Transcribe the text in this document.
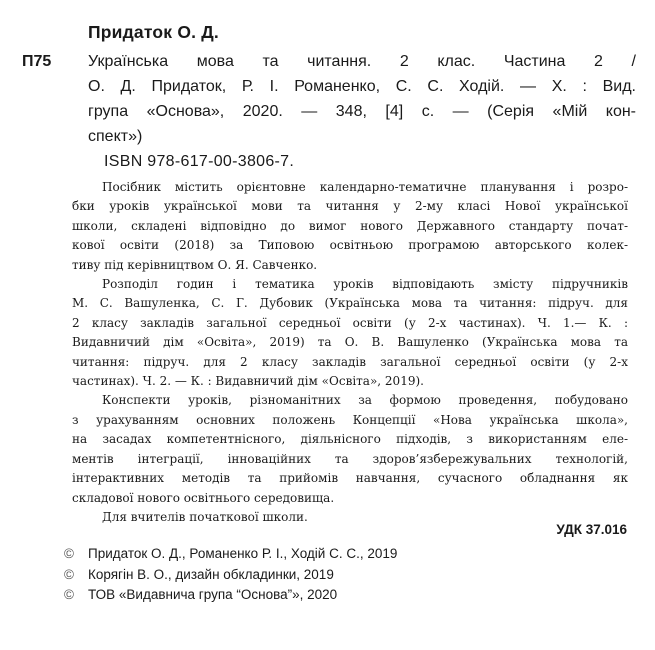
Придаток О. Д.
П75 Українська мова та читання. 2 клас. Частина 2 /
О. Д. Придаток, Р. І. Романенко, С. С. Ходій. — Х. : Вид.
група «Основа», 2020. — 348, [4] с. — (Серія «Мій кон-
спект»)
ISBN 978-617-00-3806-7.

Посібник містить орієнтовне календарно-тематичне планування і розро-
бки уроків української мови та читання у 2-му класі Нової української
школи, складені відповідно до вимог нового Державного стандарту почат-
кової освіти (2018) за Типовою освітньою програмою авторського колек-
тиву під керівництвом О. Я. Савченко.

Розподіл годин і тематика уроків відповідають змісту підручників
М. С. Вашуленка, С. Г. Дубовик (Українська мова та читання: підруч. для
2 класу закладів загальної середньої освіти (у 2-х частинах). Ч. 1.— К. :
Видавничий дім «Освіта», 2019) та О. В. Вашуленко (Українська мова та
читання: підруч. для 2 класу закладів загальної середньої освіти (у 2-х
частинах). Ч. 2. — К. : Видавничий дім «Освіта», 2019).

Конспекти уроків, різноманітних за формою проведення, побудовано
з урахуванням основних положень Концепції «Нова українська школа»,
на засадах компетентнісного, діяльнісного підходів, з використанням еле-
ментів інтеграції, інноваційних та здоров’язбережувальних технологій,
інтерактивних методів та прийомів навчання, сучасного обладнання як
складової нового освітнього середовища.

Для вчителів початкової школи.

УДК 37.016
© Придаток О. Д., Романенко Р. І., Ходій С. С., 2019
© Корягін В. О., дизайн обкладинки, 2019
© ТОВ «Видавнича група “Основа”», 2020
